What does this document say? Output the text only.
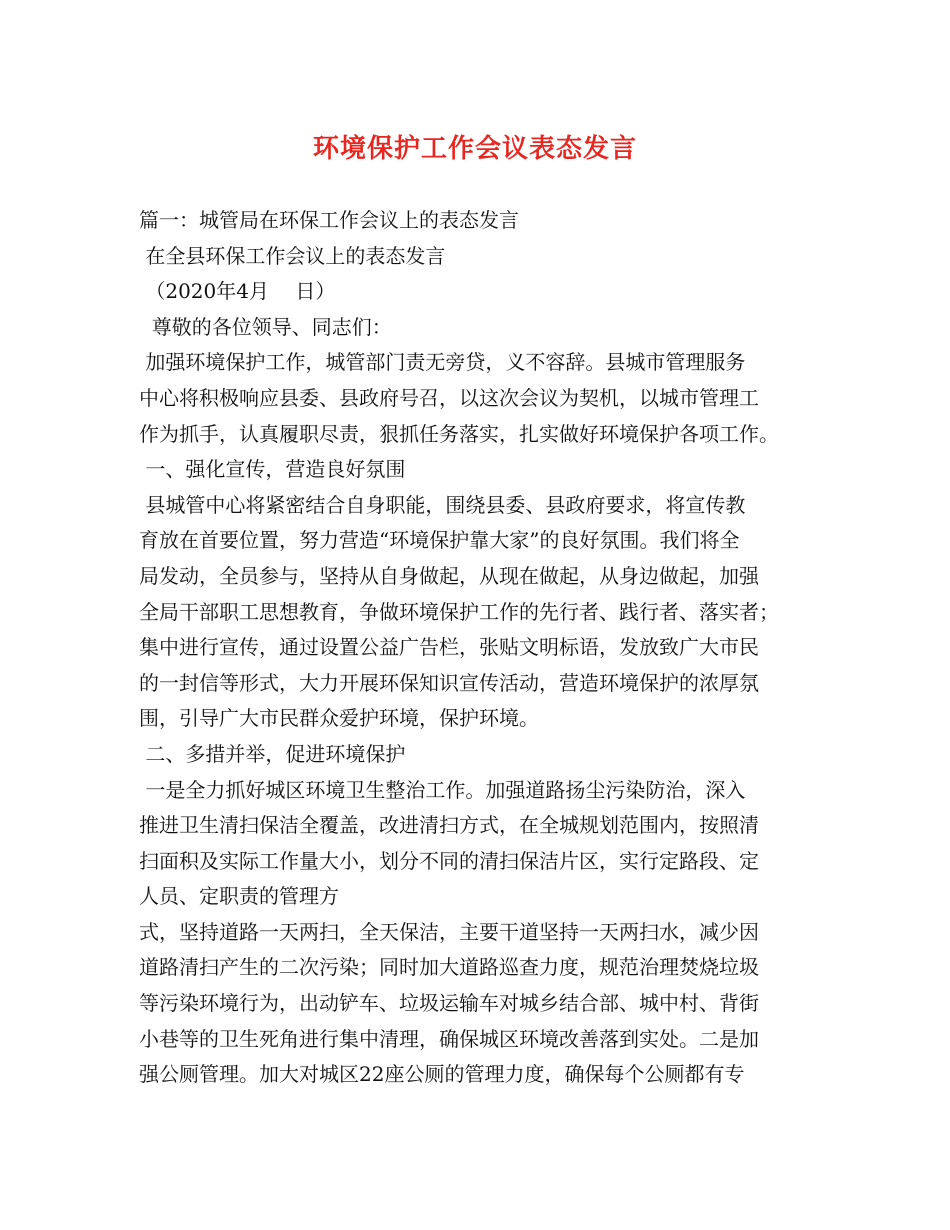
环境保护工作会议表态发言
篇一：城管局在环保工作会议上的表态发言
在全县环保工作会议上的表态发言
（2020年4月　 日）
尊敬的各位领导、同志们：
加强环境保护工作，城管部门责无旁贷，义不容辞。县城市管理服务
中心将积极响应县委、县政府号召，以这次会议为契机，以城市管理工
作为抓手，认真履职尽责，狠抓任务落实，扎实做好环境保护各项工作。
一、强化宣传，营造良好氛围
县城管中心将紧密结合自身职能，围绕县委、县政府要求，将宣传教
育放在首要位置，努力营造“环境保护靠大家”的良好氛围。我们将全
局发动，全员参与，坚持从自身做起，从现在做起，从身边做起，加强
全局干部职工思想教育，争做环境保护工作的先行者、践行者、落实者；
集中进行宣传，通过设置公益广告栏，张贴文明标语，发放致广大市民
的一封信等形式，大力开展环保知识宣传活动，营造环境保护的浓厚氛
围，引导广大市民群众爱护环境，保护环境。
二、多措并举，促进环境保护
一是全力抓好城区环境卫生整治工作。加强道路扬尘污染防治，深入
推进卫生清扫保洁全覆盖，改进清扫方式，在全城规划范围内，按照清
扫面积及实际工作量大小，划分不同的清扫保洁片区，实行定路段、定
人员、定职责的管理方
式，坚持道路一天两扫，全天保洁，主要干道坚持一天两扫水，减少因
道路清扫产生的二次污染；同时加大道路巡查力度，规范治理焚烧垃圾
等污染环境行为，出动铲车、垃圾运输车对城乡结合部、城中村、背街
小巷等的卫生死角进行集中清理，确保城区环境改善落到实处。二是加
强公厕管理。加大对城区22座公厕的管理力度，确保每个公厕都有专
